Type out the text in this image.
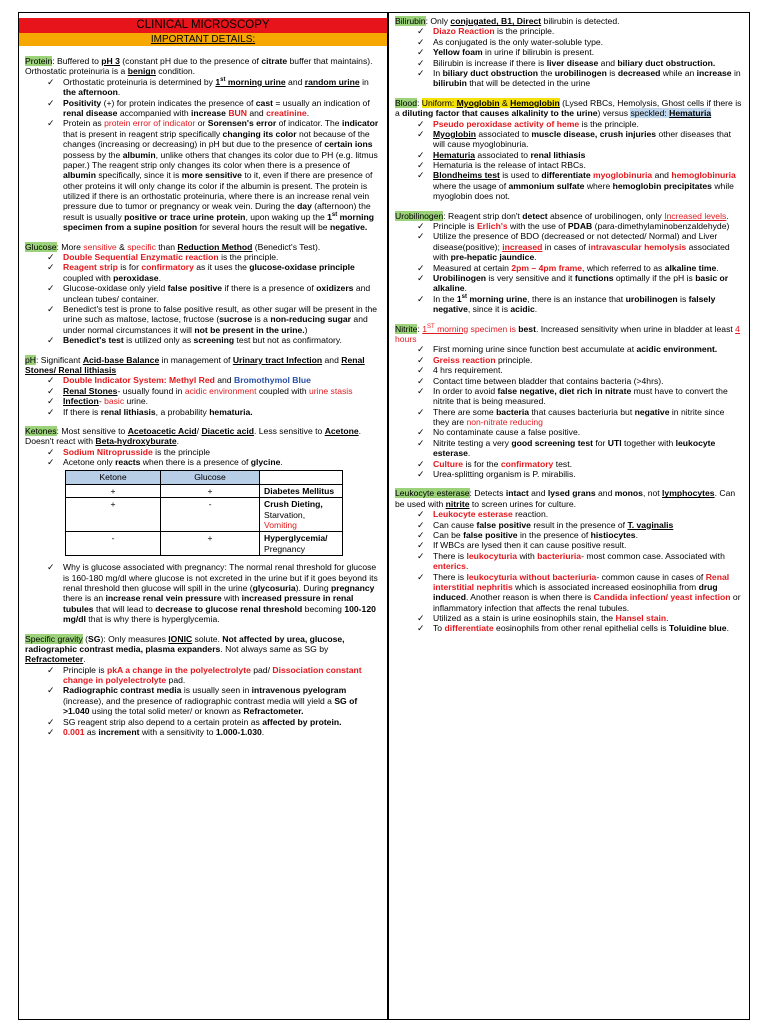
CLINICAL MICROSCOPY
IMPORTANT DETAILS:

Protein: Buffered to pH 3 (constant pH due to the presence of citrate buffer that maintains). Orthostatic proteinuria is a benign condition.

✓ Orthostatic proteinuria is determined by 1st morning urine and random urine in the afternoon.
✓ Positivity (+) for protein indicates the presence of cast = usually an indication of renal disease accompanied with increase BUN and creatinine.
✓ Protein as protein error of indicator or Sorensen's error of indicator. The indicator that is present in reagent strip specifically changing its color not because of the changes (increasing or decreasing) in pH but due to the presence of certain ions possess by the albumin, unlike others that changes its color due to PH (e.g. litmus paper.) The reagent strip only changes its color when there is a presence of albumin specifically, since it is more sensitive to it, even if there are presence of other proteins it will only change its color if the albumin is present. The protein is utilized if there is an orthostatic proteinuria, where there is an increase renal vein pressure due to tumor or pregnancy or weak vein. During the day (afternoon) the result is usually positive or trace urine protein, upon waking up the 1st morning specimen from a supine position for several hours the result will be negative.

Glucose: More sensitive & specific than Reduction Method (Benedict's Test).

✓ Double Sequential Enzymatic reaction is the principle.
✓ Reagent strip is for confirmatory as it uses the glucose-oxidase principle coupled with peroxidase.
✓ Glucose-oxidase only yield false positive if there is a presence of oxidizers and unclean tubes/ container.
✓ Benedict's test is prone to false positive result, as other sugar will be present in the urine such as maltose, lactose, fructose (sucrose is a non-reducing sugar and under normal circumstances it will not be present in the urine.)
✓ Benedict's test is utilized only as screening test but not as confirmatory.

pH: Significant Acid-base Balance in management of Urinary tract Infection and Renal Stones/ Renal lithiasis

✓ Double Indicator System: Methyl Red and Bromothymol Blue
✓ Renal Stones- usually found in acidic environment coupled with urine stasis
✓ Infection- basic urine.
✓ If there is renal lithiasis, a probability hematuria.

Ketones: Most sensitive to Acetoacetic Acid/ Diacetic acid. Less sensitive to Acetone. Doesn't react with Beta-hydroxyburate.

✓ Sodium Nitroprusside is the principle
✓ Acetone only reacts when there is a presence of glycine.
Ketone	Glucose	
+	+	Diabetes Mellitus
+	-	Crush Dieting,
Starvation,
Vomiting
-	+	Hyperglycemia/
Pregnancy
✓ Why is glucose associated with pregnancy: The normal renal threshold for glucose is 160-180 mg/dl where glucose is not excreted in the urine but if it goes beyond its renal threshold then glucose will spill in the urine (glycosuria). During pregnancy there is an increase renal vein pressure with increased pressure in renal tubules that will lead to decrease to glucose renal threshold becoming 100-120 mg/dl that is why there is hyperglycemia.

Specific gravity (SG): Only measures IONIC solute. Not affected by urea, glucose, radiographic contrast media, plasma expanders. Not always same as SG by Refractometer.

✓ Principle is pkA a change in the polyelectrolyte pad/ Dissociation constant change in polyelectrolyte pad.
✓ Radiographic contrast media is usually seen in intravenous pyelogram (increase), and the presence of radiographic contrast media will yield a SG of >1.040 using the total solid meter/ or known as Refractometer.
✓ SG reagent strip also depend to a certain protein as affected by protein.
✓ 0.001 as increment with a sensitivity to 1.000-1.030.

Bilirubin: Only conjugated, B1, Direct bilirubin is detected.

✓ Diazo Reaction is the principle.
✓ As conjugated is the only water-soluble type.
✓ Yellow foam in urine if bilirubin is present.
✓ Bilirubin is increase if there is liver disease and biliary duct obstruction.
✓ In biliary duct obstruction the urobilinogen is decreased while an increase in bilirubin that will be detected in the urine

Blood: Uniform: Myoglobin & Hemoglobin (Lysed RBCs, Hemolysis, Ghost cells if there is a diluting factor that causes alkalinity to the urine) versus speckled: Hematuria

✓ Pseudo peroxidase activity of heme is the principle.
✓ Myoglobin associated to muscle disease, crush injuries other diseases that will cause myoglobinuria.
✓ Hematuria associated to renal lithiasis
✓ Hematuria is the release of intact RBCs.
✓ Blondheims test is used to differentiate myoglobinuria and hemoglobinuria where the usage of ammonium sulfate where hemoglobin precipitates while myoglobin does not.

Urobilinogen: Reagent strip don't detect absence of urobilinogen, only Increased levels.

✓ Principle is Erlich's with the use of PDAB (para-dimethylaminobenzaldehyde)
✓ Utilize the presence of BDO (decreased or not detected/ Normal) and Liver disease(positive); increased in cases of intravascular hemolysis associated with pre-hepatic jaundice.
✓ Measured at certain 2pm – 4pm frame, which referred to as alkaline time.
✓ Urobilinogen is very sensitive and it functions optimally if the pH is basic or alkaline.
✓ In the 1st morning urine, there is an instance that urobilinogen is falsely negative, since it is acidic.

Nitrite: 1ST morning specimen is best. Increased sensitivity when urine in bladder at least 4 hours

✓ First morning urine since function best accumulate at acidic environment.
✓ Greiss reaction principle.
✓ 4 hrs requirement.
✓ Contact time between bladder that contains bacteria (>4hrs).
✓ In order to avoid false negative, diet rich in nitrate must have to convert the nitrite that is being measured.
✓ There are some bacteria that causes bacteriuria but negative in nitrite since they are non-nitrate reducing
✓ No contaminate cause a false positive.
✓ Nitrite testing a very good screening test for UTI together with leukocyte esterase.
✓ Culture is for the confirmatory test.
✓ Urea-splitting organism is P. mirabilis.

Leukocyte esterase: Detects intact and lysed grans and monos, not lymphocytes. Can be used with nitrite to screen urines for culture.

✓ Leukocyte esterase reaction.
✓ Can cause false positive result in the presence of T. vaginalis
✓ Can be false positive in the presence of histiocytes.
✓ If WBCs are lysed then it can cause positive result.
✓ There is leukocyturia with bacteriuria- most common case. Associated with enterics.
✓ There is leukocyturia without bacteriuria- common cause in cases of Renal interstitial nephritis which is associated increased eosinophilia from drug induced. Another reason is when there is Candida infection/ yeast infection or inflammatory infection that affects the renal tubules.
✓ Utilized as a stain is urine eosinophils stain, the Hansel stain.
✓ To differentiate eosinophils from other renal epithelial cells is Toluidine blue.
